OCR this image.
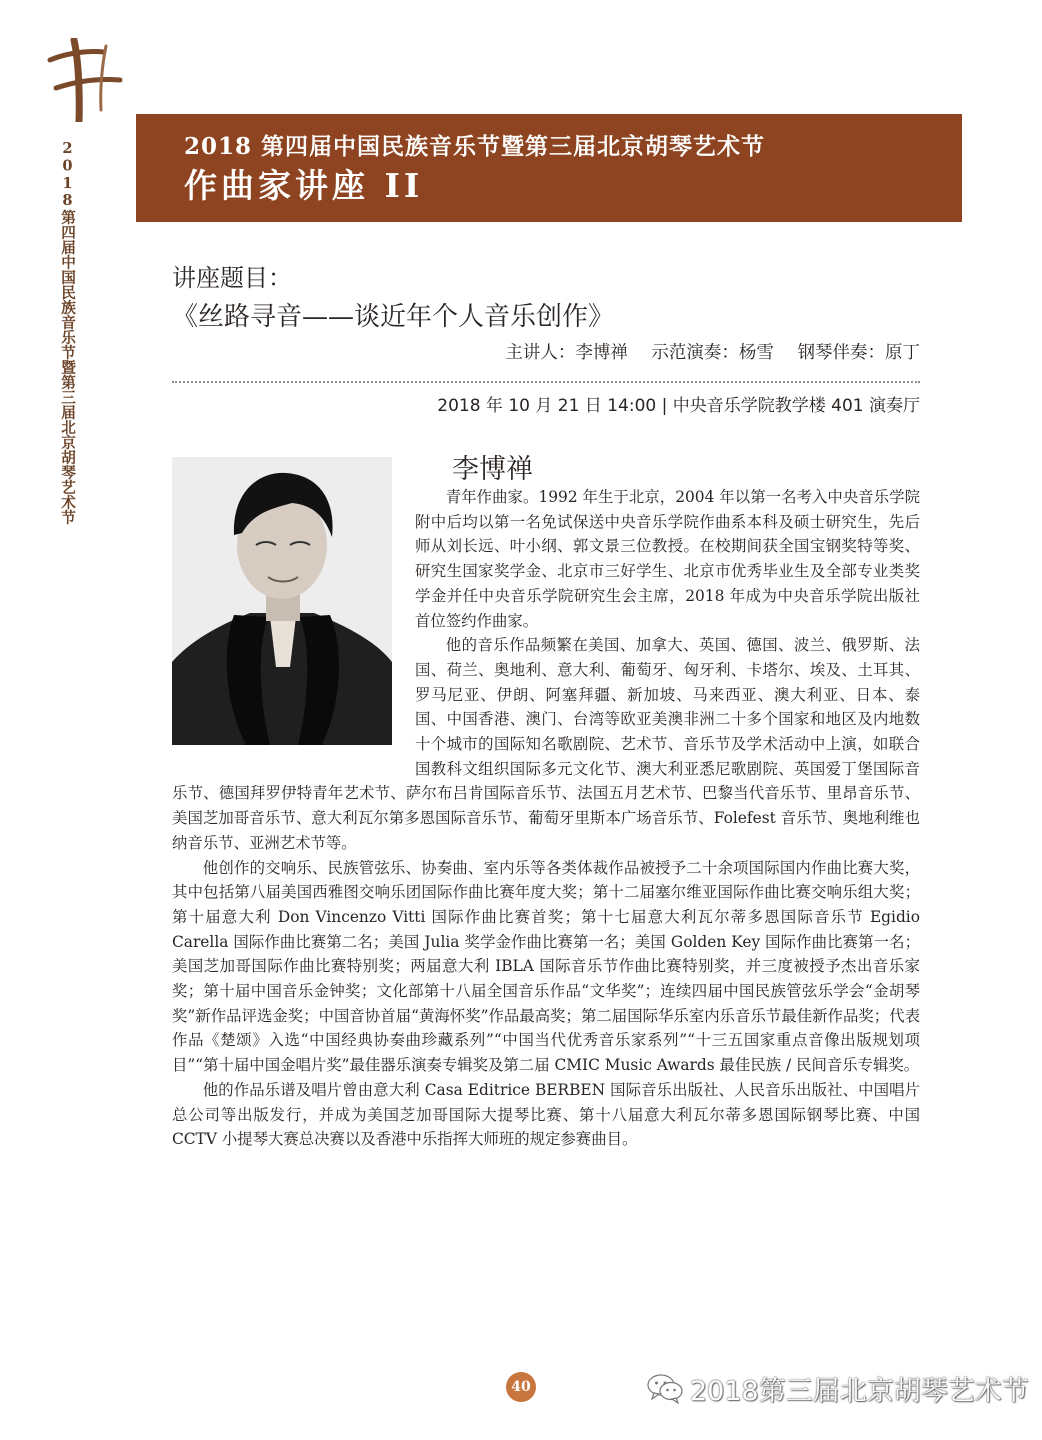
2018第四届中国民族音乐节暨第三届北京胡琴艺术节	2018 第四届中国民族音乐节暨第三届北京胡琴艺术节
作曲家讲座 II
讲座题目：
《丝路寻音——谈近年个人音乐创作》
主讲人：李博禅 示范演奏：杨雪 钢琴伴奏：原丁
2018 年 10 月 21 日 14:00 | 中央音乐学院教学楼 401 演奏厅
李博禅

青年作曲家。1992 年生于北京，2004 年以第一名考入中央音乐学院附中后均以第一名免试保送中央音乐学院作曲系本科及硕士研究生，先后师从刘长远、叶小纲、郭文景三位教授。在校期间获全国宝钢奖特等奖、研究生国家奖学金、北京市三好学生、北京市优秀毕业生及全部专业类奖学金并任中央音乐学院研究生会主席，2018 年成为中央音乐学院出版社首位签约作曲家。

他的音乐作品频繁在美国、加拿大、英国、德国、波兰、俄罗斯、法国、荷兰、奥地利、意大利、葡萄牙、匈牙利、卡塔尔、埃及、土耳其、罗马尼亚、伊朗、阿塞拜疆、新加坡、马来西亚、澳大利亚、日本、泰国、中国香港、澳门、台湾等欧亚美澳非洲二十多个国家和地区及内地数十个城市的国际知名歌剧院、艺术节、音乐节及学术活动中上演，如联合国教科文组织国际多元文化节、澳大利亚悉尼歌剧院、英国爱丁堡国际音乐节、德国拜罗伊特青年艺术节、萨尔布吕肯国际音乐节、法国五月艺术节、巴黎当代音乐节、里昂音乐节、美国芝加哥音乐节、意大利瓦尔第多恩国际音乐节、葡萄牙里斯本广场音乐节、Folefest 音乐节、奥地利维也纳音乐节、亚洲艺术节等。

他创作的交响乐、民族管弦乐、协奏曲、室内乐等各类体裁作品被授予二十余项国际国内作曲比赛大奖，其中包括第八届美国西雅图交响乐团国际作曲比赛年度大奖；第十二届塞尔维亚国际作曲比赛交响乐组大奖；第十届意大利 Don Vincenzo Vitti 国际作曲比赛首奖；第十七届意大利瓦尔蒂多恩国际音乐节 Egidio Carella 国际作曲比赛第二名；美国 Julia 奖学金作曲比赛第一名；美国 Golden Key 国际作曲比赛第一名；美国芝加哥国际作曲比赛特别奖；两届意大利 IBLA 国际音乐节作曲比赛特别奖，并三度被授予杰出音乐家奖；第十届中国音乐金钟奖；文化部第十八届全国音乐作品“文华奖”；连续四届中国民族管弦乐学会“金胡琴奖”新作品评选金奖；中国音协首届“黄海怀奖”作品最高奖；第二届国际华乐室内乐音乐节最佳新作品奖；代表作品《楚颂》入选“中国经典协奏曲珍藏系列”“中国当代优秀音乐家系列”“十三五国家重点音像出版规划项目”“第十届中国金唱片奖”最佳器乐演奏专辑奖及第二届 CMIC Music Awards 最佳民族 / 民间音乐专辑奖。

他的作品乐谱及唱片曾由意大利 Casa Editrice BERBEN 国际音乐出版社、人民音乐出版社、中国唱片总公司等出版发行，并成为美国芝加哥国际大提琴比赛、第十八届意大利瓦尔蒂多恩国际钢琴比赛、中国 CCTV 小提琴大赛总决赛以及香港中乐指挥大师班的规定参赛曲目。

40	2018第三届北京胡琴艺术节
